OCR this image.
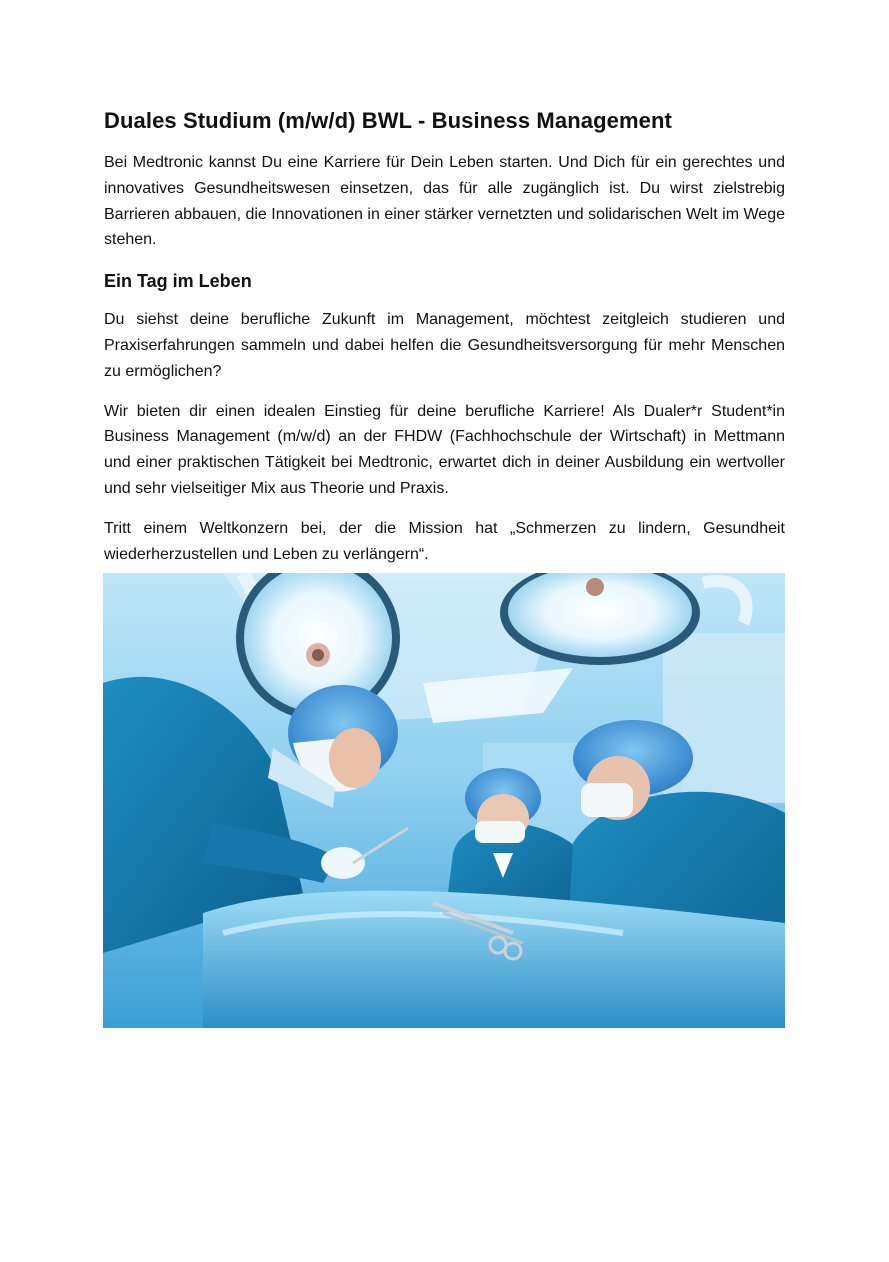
Duales Studium (m/w/d) BWL - Business Management

Bei Medtronic kannst Du eine Karriere für Dein Leben starten. Und Dich für ein gerechtes und innovatives Gesundheitswesen einsetzen, das für alle zugänglich ist. Du wirst zielstrebig Barrieren abbauen, die Innovationen in einer stärker vernetzten und solidarischen Welt im Wege stehen.

Ein Tag im Leben

Du siehst deine berufliche Zukunft im Management, möchtest zeitgleich studieren und Praxiserfahrungen sammeln und dabei helfen die Gesundheitsversorgung für mehr Menschen zu ermöglichen?

Wir bieten dir einen idealen Einstieg für deine berufliche Karriere! Als Dualer*r Student*in Business Management (m/w/d) an der FHDW (Fachhochschule der Wirtschaft) in Mettmann und einer praktischen Tätigkeit bei Medtronic, erwartet dich in deiner Ausbildung ein wertvoller und sehr vielseitiger Mix aus Theorie und Praxis.

Tritt einem Weltkonzern bei, der die Mission hat „Schmerzen zu lindern, Gesundheit wiederherzustellen und Leben zu verlängern“.
